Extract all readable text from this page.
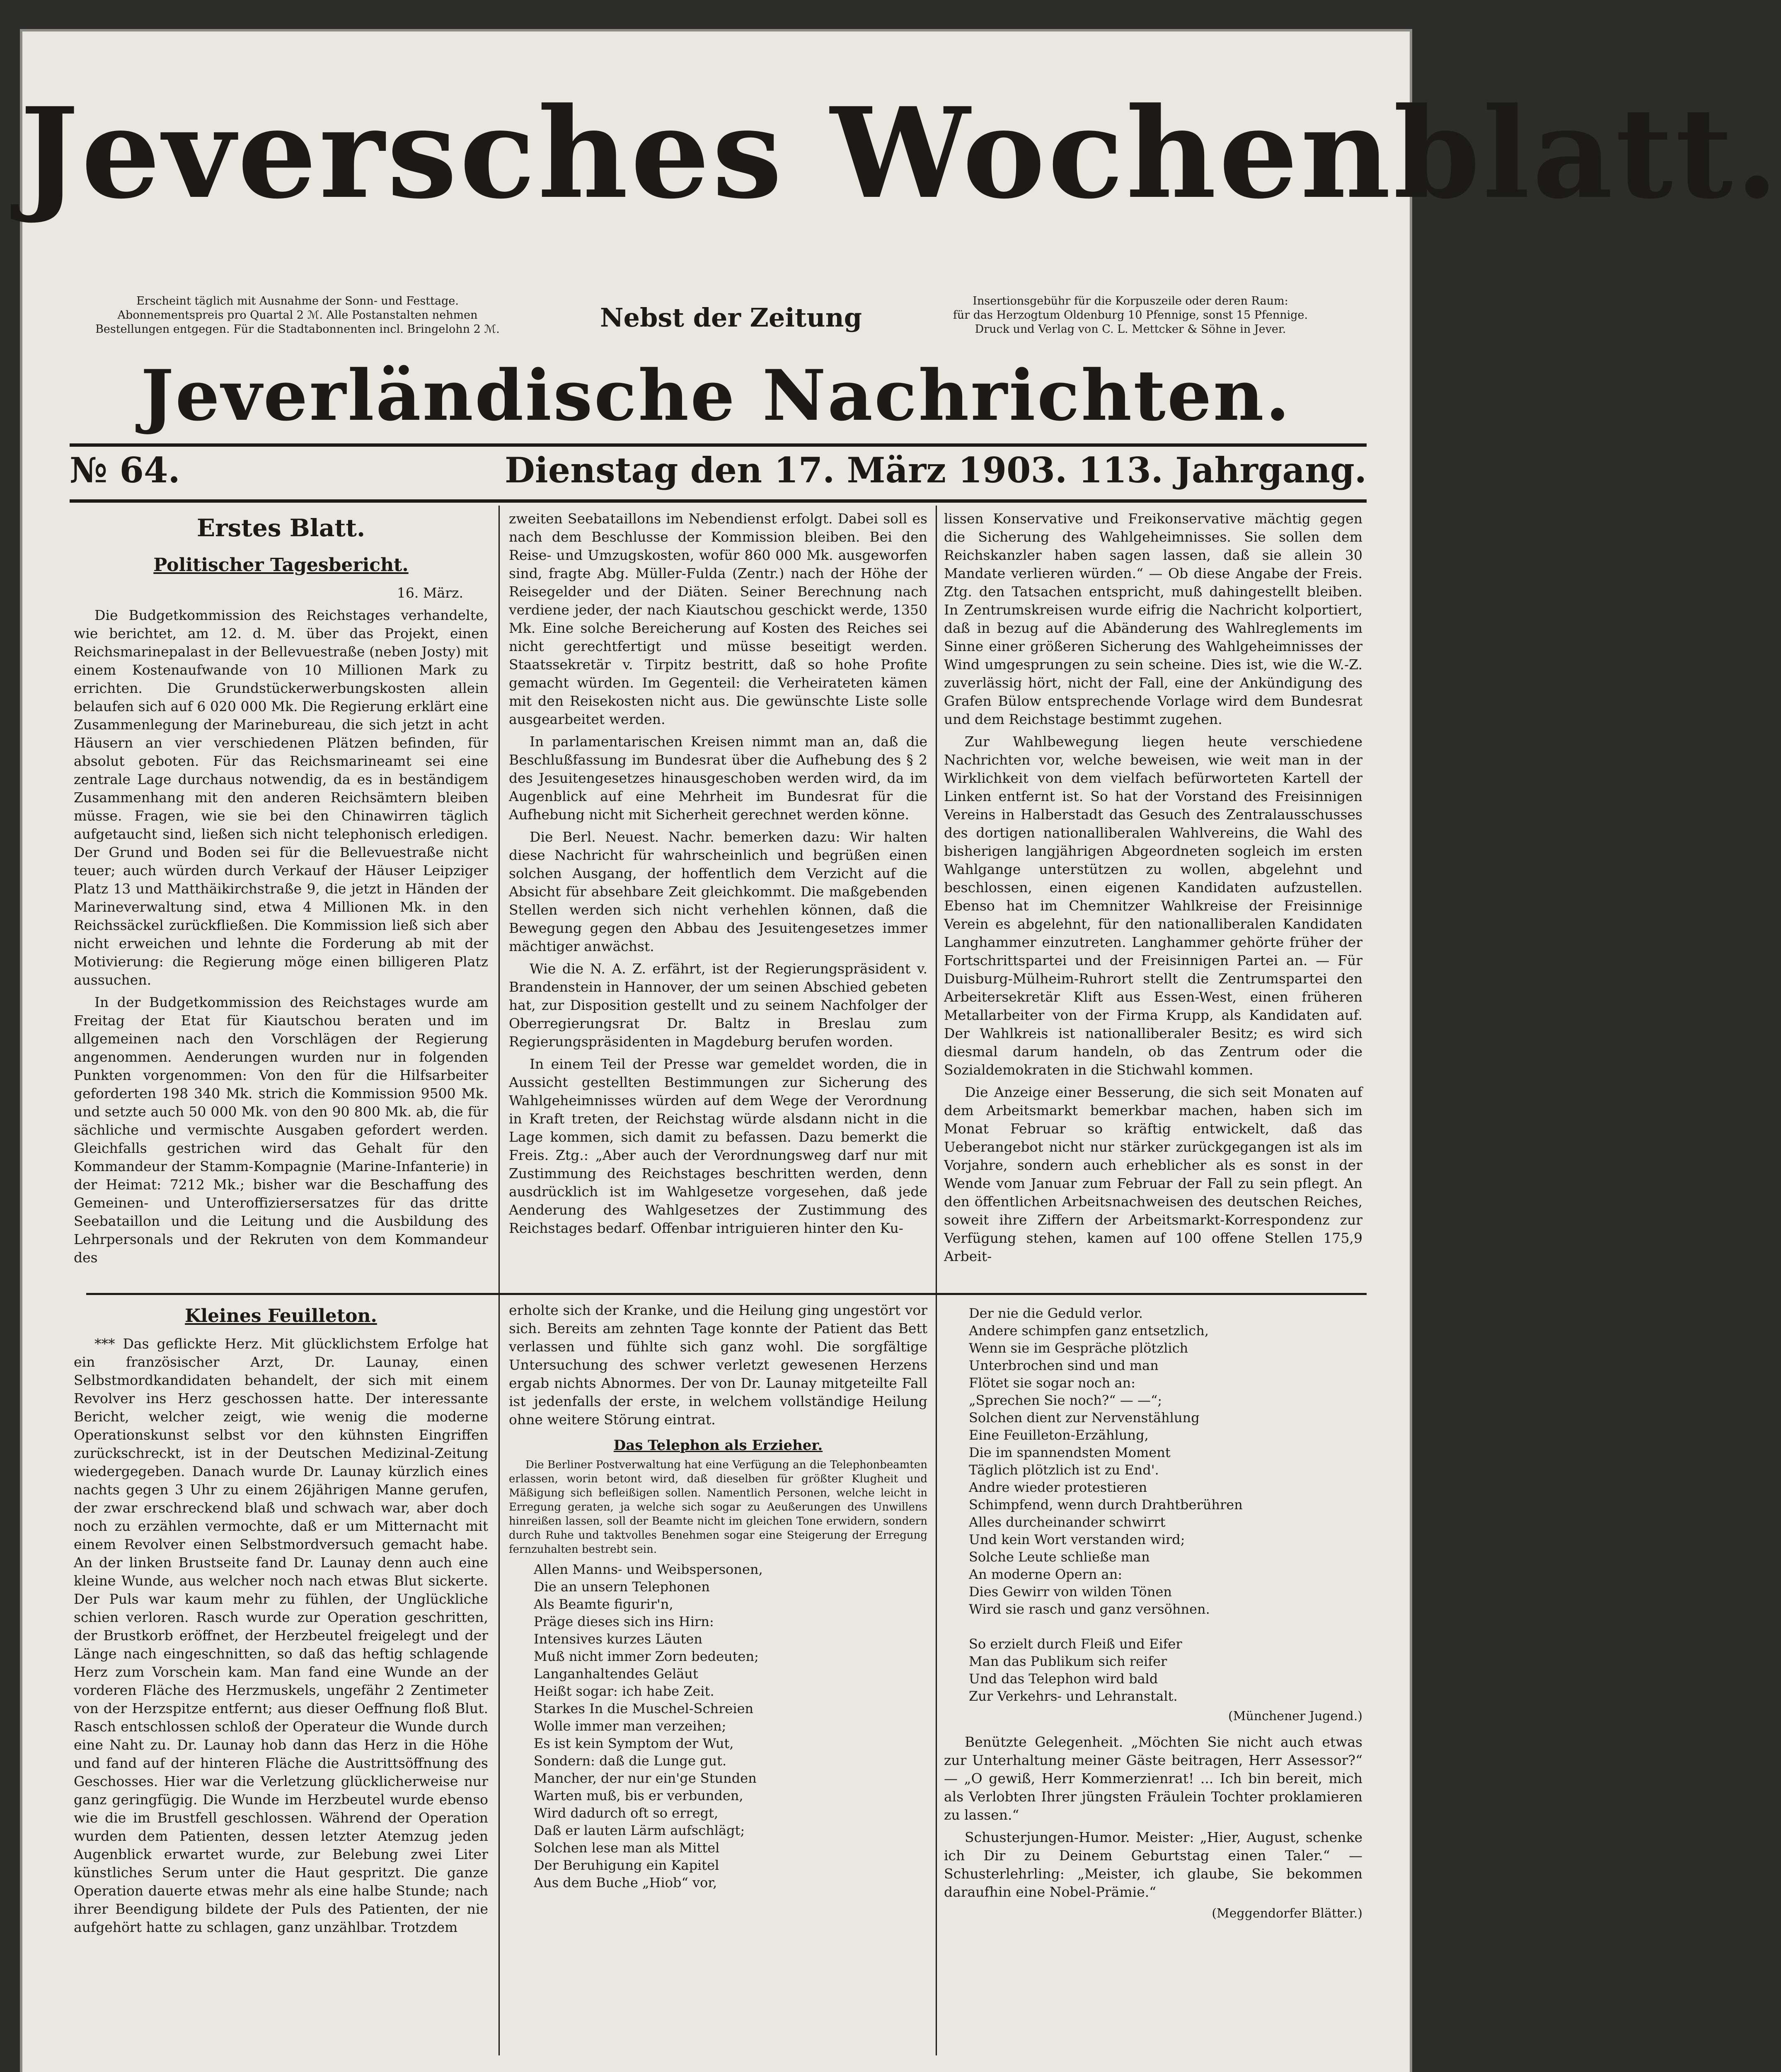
Jeversches Wochenblatt.
Erscheint täglich mit Ausnahme der Sonn- und Festtage.
Abonnementspreis pro Quartal 2 ℳ. Alle Postanstalten nehmen
Bestellungen entgegen. Für die Stadtabonnenten incl. Bringelohn 2 ℳ.	Nebst der Zeitung
Insertionsgebühr für die Korpuszeile oder deren Raum:
für das Herzogtum Oldenburg 10 Pfennige, sonst 15 Pfennige.
Druck und Verlag von C. L. Mettcker & Söhne in Jever.
Jeverländische Nachrichten.
№ 64.	Dienstag den 17. März 1903. 113. Jahrgang.
Erstes Blatt.
Politischer Tagesbericht.

16. März.

Die Budgetkommission des Reichstages verhandelte, wie berichtet, am 12. d. M. über das Projekt, einen Reichsmarinepalast in der Bellevuestraße (neben Josty) mit einem Kostenaufwande von 10 Millionen Mark zu errichten. Die Grundstückerwerbungskosten allein belaufen sich auf 6 020 000 Mk. Die Regierung erklärt eine Zusammenlegung der Marinebureau, die sich jetzt in acht Häusern an vier verschiedenen Plätzen befinden, für absolut geboten. Für das Reichsmarineamt sei eine zentrale Lage durchaus notwendig, da es in beständigem Zusammenhang mit den anderen Reichsämtern bleiben müsse. Fragen, wie sie bei den Chinawirren täglich aufgetaucht sind, ließen sich nicht telephonisch erledigen. Der Grund und Boden sei für die Bellevuestraße nicht teuer; auch würden durch Verkauf der Häuser Leipziger Platz 13 und Matthäikirchstraße 9, die jetzt in Händen der Marineverwaltung sind, etwa 4 Millionen Mk. in den Reichssäckel zurückfließen. Die Kommission ließ sich aber nicht erweichen und lehnte die Forderung ab mit der Motivierung: die Regierung möge einen billigeren Platz aussuchen.

In der Budgetkommission des Reichstages wurde am Freitag der Etat für Kiautschou beraten und im allgemeinen nach den Vorschlägen der Regierung angenommen. Aenderungen wurden nur in folgenden Punkten vorgenommen: Von den für die Hilfsarbeiter geforderten 198 340 Mk. strich die Kommission 9500 Mk. und setzte auch 50 000 Mk. von den 90 800 Mk. ab, die für sächliche und vermischte Ausgaben gefordert werden. Gleichfalls gestrichen wird das Gehalt für den Kommandeur der Stamm-Kompagnie (Marine-Infanterie) in der Heimat: 7212 Mk.; bisher war die Beschaffung des Gemeinen- und Unteroffiziersersatzes für das dritte Seebataillon und die Leitung und die Ausbildung des Lehrpersonals und der Rekruten von dem Kommandeur des

zweiten Seebataillons im Nebendienst erfolgt. Dabei soll es nach dem Beschlusse der Kommission bleiben. Bei den Reise- und Umzugskosten, wofür 860 000 Mk. ausgeworfen sind, fragte Abg. Müller-Fulda (Zentr.) nach der Höhe der Reisegelder und der Diäten. Seiner Berechnung nach verdiene jeder, der nach Kiautschou geschickt werde, 1350 Mk. Eine solche Bereicherung auf Kosten des Reiches sei nicht gerechtfertigt und müsse beseitigt werden. Staatssekretär v. Tirpitz bestritt, daß so hohe Profite gemacht würden. Im Gegenteil: die Verheirateten kämen mit den Reisekosten nicht aus. Die gewünschte Liste solle ausgearbeitet werden.

In parlamentarischen Kreisen nimmt man an, daß die Beschlußfassung im Bundesrat über die Aufhebung des § 2 des Jesuitengesetzes hinausgeschoben werden wird, da im Augenblick auf eine Mehrheit im Bundesrat für die Aufhebung nicht mit Sicherheit gerechnet werden könne.

Die Berl. Neuest. Nachr. bemerken dazu: Wir halten diese Nachricht für wahrscheinlich und begrüßen einen solchen Ausgang, der hoffentlich dem Verzicht auf die Absicht für absehbare Zeit gleichkommt. Die maßgebenden Stellen werden sich nicht verhehlen können, daß die Bewegung gegen den Abbau des Jesuitengesetzes immer mächtiger anwächst.

Wie die N. A. Z. erfährt, ist der Regierungspräsident v. Brandenstein in Hannover, der um seinen Abschied gebeten hat, zur Disposition gestellt und zu seinem Nachfolger der Oberregierungsrat Dr. Baltz in Breslau zum Regierungspräsidenten in Magdeburg berufen worden.

In einem Teil der Presse war gemeldet worden, die in Aussicht gestellten Bestimmungen zur Sicherung des Wahlgeheimnisses würden auf dem Wege der Verordnung in Kraft treten, der Reichstag würde alsdann nicht in die Lage kommen, sich damit zu befassen. Dazu bemerkt die Freis. Ztg.: „Aber auch der Verordnungsweg darf nur mit Zustimmung des Reichstages beschritten werden, denn ausdrücklich ist im Wahlgesetze vorgesehen, daß jede Aenderung des Wahlgesetzes der Zustimmung des Reichstages bedarf. Offenbar intriguieren hinter den Ku-

lissen Konservative und Freikonservative mächtig gegen die Sicherung des Wahlgeheimnisses. Sie sollen dem Reichskanzler haben sagen lassen, daß sie allein 30 Mandate verlieren würden.“ — Ob diese Angabe der Freis. Ztg. den Tatsachen entspricht, muß dahingestellt bleiben. In Zentrumskreisen wurde eifrig die Nachricht kolportiert, daß in bezug auf die Abänderung des Wahlreglements im Sinne einer größeren Sicherung des Wahlgeheimnisses der Wind umgesprungen zu sein scheine. Dies ist, wie die W.-Z. zuverlässig hört, nicht der Fall, eine der Ankündigung des Grafen Bülow entsprechende Vorlage wird dem Bundesrat und dem Reichstage bestimmt zugehen.

Zur Wahlbewegung liegen heute verschiedene Nachrichten vor, welche beweisen, wie weit man in der Wirklichkeit von dem vielfach befürworteten Kartell der Linken entfernt ist. So hat der Vorstand des Freisinnigen Vereins in Halberstadt das Gesuch des Zentralausschusses des dortigen nationalliberalen Wahlvereins, die Wahl des bisherigen langjährigen Abgeordneten sogleich im ersten Wahlgange unterstützen zu wollen, abgelehnt und beschlossen, einen eigenen Kandidaten aufzustellen. Ebenso hat im Chemnitzer Wahlkreise der Freisinnige Verein es abgelehnt, für den nationalliberalen Kandidaten Langhammer einzutreten. Langhammer gehörte früher der Fortschrittspartei und der Freisinnigen Partei an. — Für Duisburg-Mülheim-Ruhrort stellt die Zentrumspartei den Arbeitersekretär Klift aus Essen-West, einen früheren Metallarbeiter von der Firma Krupp, als Kandidaten auf. Der Wahlkreis ist nationalliberaler Besitz; es wird sich diesmal darum handeln, ob das Zentrum oder die Sozialdemokraten in die Stichwahl kommen.

Die Anzeige einer Besserung, die sich seit Monaten auf dem Arbeitsmarkt bemerkbar machen, haben sich im Monat Februar so kräftig entwickelt, daß das Ueberangebot nicht nur stärker zurückgegangen ist als im Vorjahre, sondern auch erheblicher als es sonst in der Wende vom Januar zum Februar der Fall zu sein pflegt. An den öffentlichen Arbeitsnachweisen des deutschen Reiches, soweit ihre Ziffern der Arbeitsmarkt-Korrespondenz zur Verfügung stehen, kamen auf 100 offene Stellen 175,9 Arbeit-

Kleines Feuilleton.

*** Das geflickte Herz. Mit glücklichstem Erfolge hat ein französischer Arzt, Dr. Launay, einen Selbstmordkandidaten behandelt, der sich mit einem Revolver ins Herz geschossen hatte. Der interessante Bericht, welcher zeigt, wie wenig die moderne Operationskunst selbst vor den kühnsten Eingriffen zurückschreckt, ist in der Deutschen Medizinal-Zeitung wiedergegeben. Danach wurde Dr. Launay kürzlich eines nachts gegen 3 Uhr zu einem 26jährigen Manne gerufen, der zwar erschreckend blaß und schwach war, aber doch noch zu erzählen vermochte, daß er um Mitternacht mit einem Revolver einen Selbstmordversuch gemacht habe. An der linken Brustseite fand Dr. Launay denn auch eine kleine Wunde, aus welcher noch nach etwas Blut sickerte. Der Puls war kaum mehr zu fühlen, der Unglückliche schien verloren. Rasch wurde zur Operation geschritten, der Brustkorb eröffnet, der Herzbeutel freigelegt und der Länge nach eingeschnitten, so daß das heftig schlagende Herz zum Vorschein kam. Man fand eine Wunde an der vorderen Fläche des Herzmuskels, ungefähr 2 Zentimeter von der Herzspitze entfernt; aus dieser Oeffnung floß Blut. Rasch entschlossen schloß der Operateur die Wunde durch eine Naht zu. Dr. Launay hob dann das Herz in die Höhe und fand auf der hinteren Fläche die Austrittsöffnung des Geschosses. Hier war die Verletzung glücklicherweise nur ganz geringfügig. Die Wunde im Herzbeutel wurde ebenso wie die im Brustfell geschlossen. Während der Operation wurden dem Patienten, dessen letzter Atemzug jeden Augenblick erwartet wurde, zur Belebung zwei Liter künstliches Serum unter die Haut gespritzt. Die ganze Operation dauerte etwas mehr als eine halbe Stunde; nach ihrer Beendigung bildete der Puls des Patienten, der nie aufgehört hatte zu schlagen, ganz unzählbar. Trotzdem

erholte sich der Kranke, und die Heilung ging ungestört vor sich. Bereits am zehnten Tage konnte der Patient das Bett verlassen und fühlte sich ganz wohl. Die sorgfältige Untersuchung des schwer verletzt gewesenen Herzens ergab nichts Abnormes. Der von Dr. Launay mitgeteilte Fall ist jedenfalls der erste, in welchem vollständige Heilung ohne weitere Störung eintrat.

Das Telephon als Erzieher.

Die Berliner Postverwaltung hat eine Verfügung an die Telephonbeamten erlassen, worin betont wird, daß dieselben für größter Klugheit und Mäßigung sich befleißigen sollen. Namentlich Personen, welche leicht in Erregung geraten, ja welche sich sogar zu Aeußerungen des Unwillens hinreißen lassen, soll der Beamte nicht im gleichen Tone erwidern, sondern durch Ruhe und taktvolles Benehmen sogar eine Steigerung der Erregung fernzuhalten bestrebt sein.

Allen Manns- und Weibspersonen,
Die an unsern Telephonen
Als Beamte figurir'n,
Präge dieses sich ins Hirn:
Intensives kurzes Läuten
Muß nicht immer Zorn bedeuten;
Langanhaltendes Geläut
Heißt sogar: ich habe Zeit.
Starkes In die Muschel-Schreien
Wolle immer man verzeihen;
Es ist kein Symptom der Wut,
Sondern: daß die Lunge gut.
Mancher, der nur ein'ge Stunden
Warten muß, bis er verbunden,
Wird dadurch oft so erregt,
Daß er lauten Lärm aufschlägt;
Solchen lese man als Mittel
Der Beruhigung ein Kapitel
Aus dem Buche „Hiob“ vor,
Der nie die Geduld verlor.
Andere schimpfen ganz entsetzlich,
Wenn sie im Gespräche plötzlich
Unterbrochen sind und man
Flötet sie sogar noch an:
„Sprechen Sie noch?“ — —“;
Solchen dient zur Nervenstählung
Eine Feuilleton-Erzählung,
Die im spannendsten Moment
Täglich plötzlich ist zu End'.
Andre wieder protestieren
Schimpfend, wenn durch Drahtberühren
Alles durcheinander schwirrt
Und kein Wort verstanden wird;
Solche Leute schließe man
An moderne Opern an:
Dies Gewirr von wilden Tönen
Wird sie rasch und ganz versöhnen.

So erzielt durch Fleiß und Eifer
Man das Publikum sich reifer
Und das Telephon wird bald
Zur Verkehrs- und Lehranstalt.
(Münchener Jugend.)

Benützte Gelegenheit. „Möchten Sie nicht auch etwas zur Unterhaltung meiner Gäste beitragen, Herr Assessor?“ — „O gewiß, Herr Kommerzienrat! ... Ich bin bereit, mich als Verlobten Ihrer jüngsten Fräulein Tochter proklamieren zu lassen.“

Schusterjungen-Humor. Meister: „Hier, August, schenke ich Dir zu Deinem Geburtstag einen Taler.“ — Schusterlehrling: „Meister, ich glaube, Sie bekommen daraufhin eine Nobel-Prämie.“

(Meggendorfer Blätter.)
